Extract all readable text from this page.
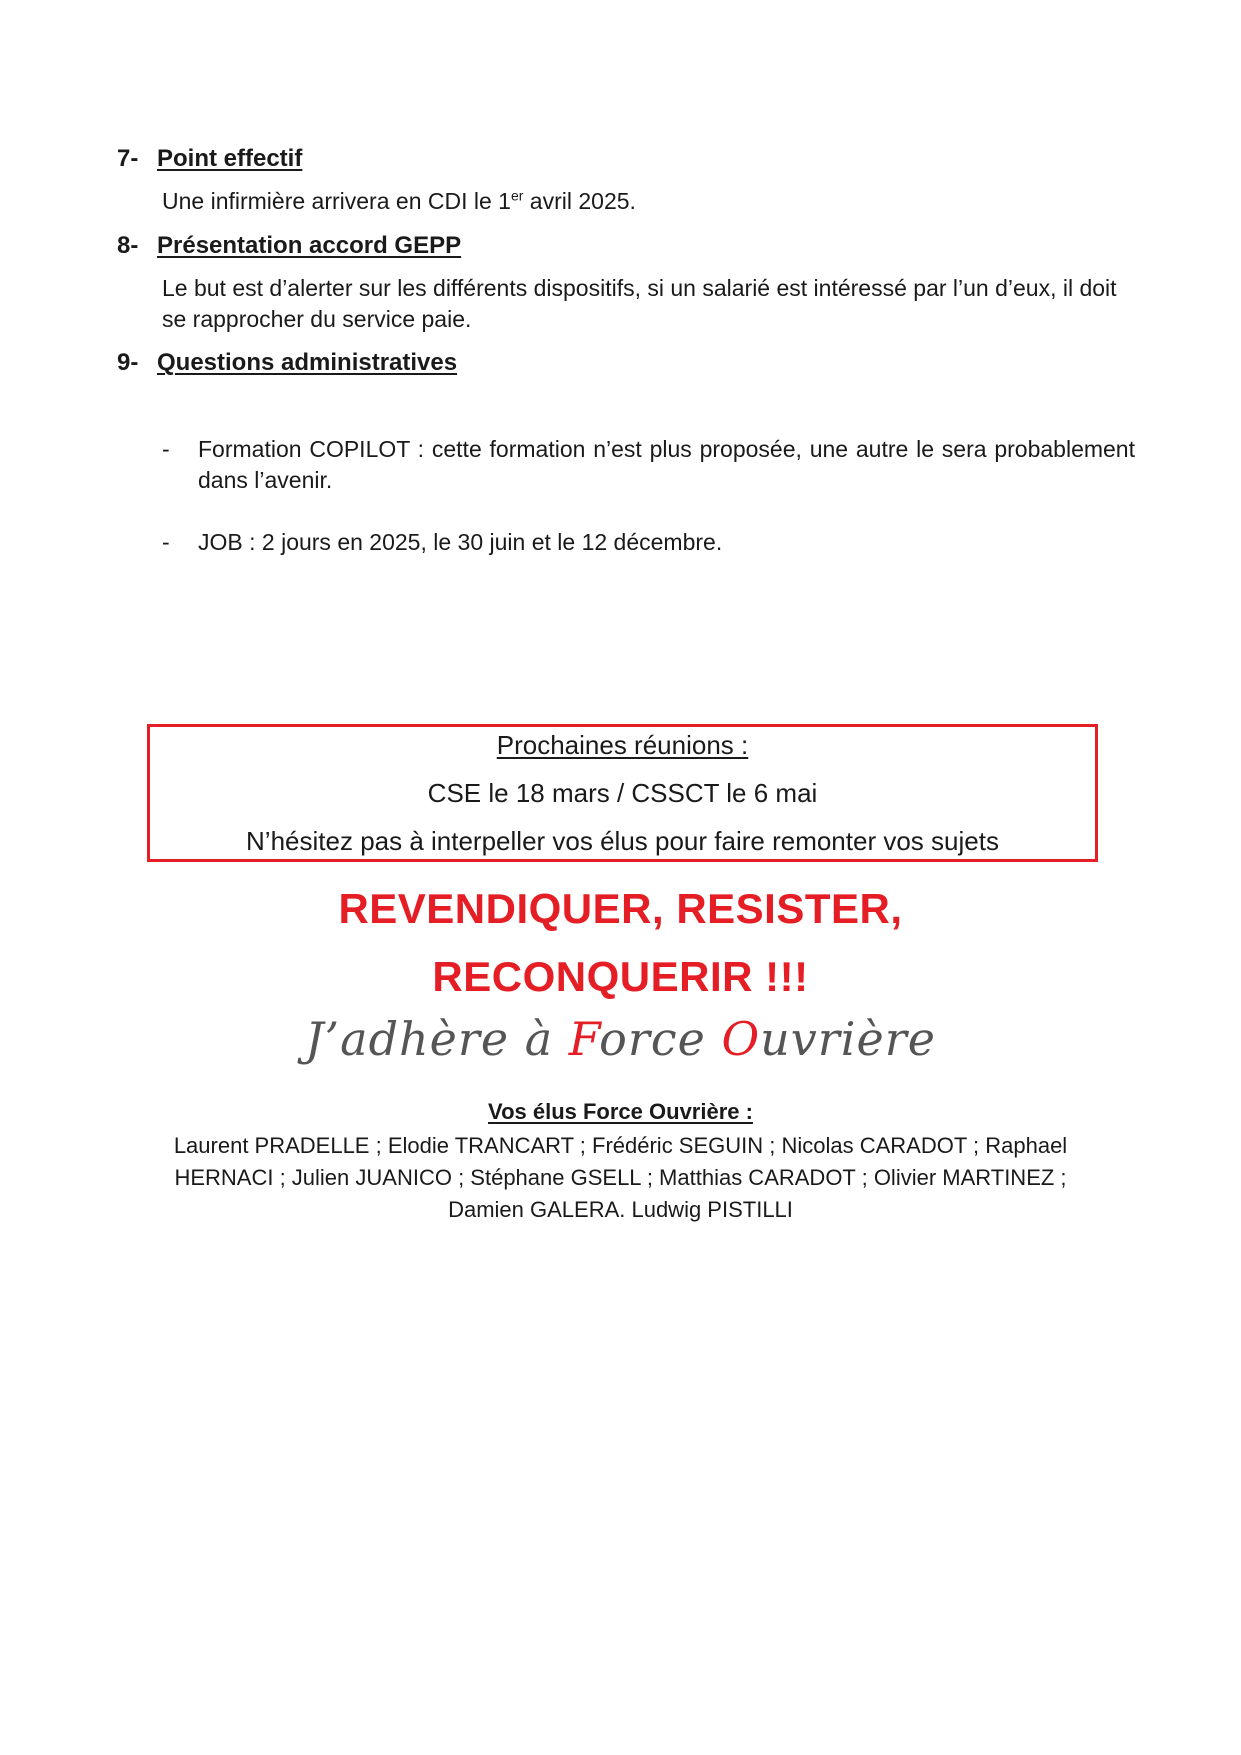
7- Point effectif
Une infirmière arrivera en CDI le 1er avril 2025.
8- Présentation accord GEPP
Le but est d’alerter sur les différents dispositifs, si un salarié est intéressé par l’un d’eux, il doit se rapprocher du service paie.
9- Questions administratives
- Formation COPILOT : cette formation n’est plus proposée, une autre le sera probablement dans l’avenir.
- JOB : 2 jours en 2025, le 30 juin et le 12 décembre.
Prochaines réunions :
CSE le 18 mars / CSSCT le 6 mai
N’hésitez pas à interpeller vos élus pour faire remonter vos sujets
REVENDIQUER, RESISTER,
RECONQUERIR !!!
J’adhère à Force Ouvrière
Vos élus Force Ouvrière :
Laurent PRADELLE ; Elodie TRANCART ; Frédéric SEGUIN ; Nicolas CARADOT ; Raphael
HERNACI ; Julien JUANICO ; Stéphane GSELL ; Matthias CARADOT ; Olivier MARTINEZ ;
Damien GALERA. Ludwig PISTILLI
